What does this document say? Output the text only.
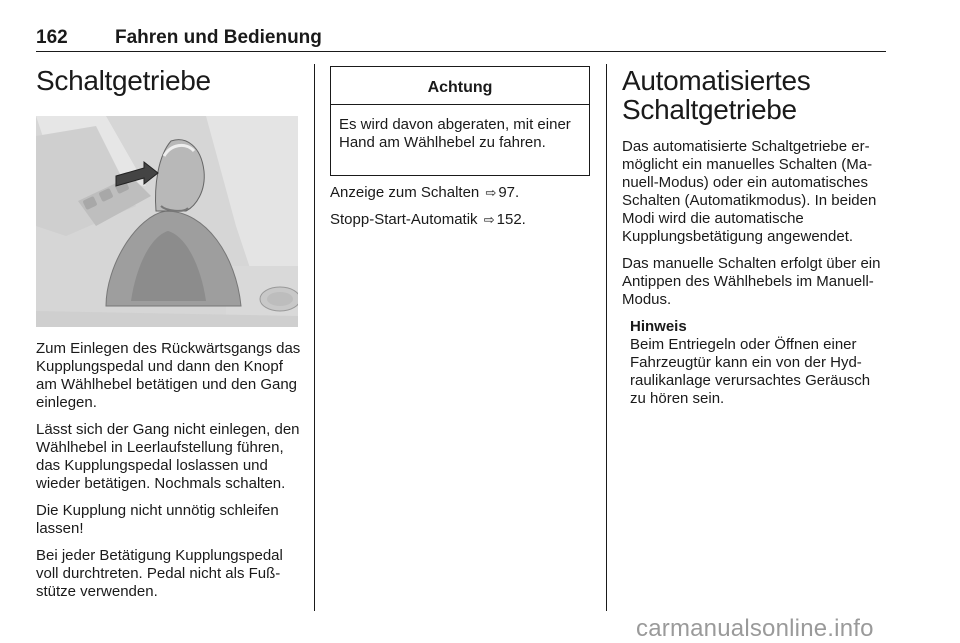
162 Fahren und Bedienung
Schaltgetriebe

Zum Einlegen des Rückwärtsgangs das Kupplungspedal und dann den Knopf am Wählhebel betätigen und den Gang einlegen.

Lässt sich der Gang nicht einlegen, den Wählhebel in Leerlaufstellung führen, das Kupplungspedal loslassen und wieder betätigen. Nochmals schalten.

Die Kupplung nicht unnötig schleifen lassen!

Bei jeder Betätigung Kupplungspedal voll durchtreten. Pedal nicht als Fußstütze verwenden.

Achtung
Es wird davon abgeraten, mit einer Hand am Wählhebel zu fahren.

Anzeige zum Schalten ⇨ 97.

Stopp-Start-Automatik ⇨ 152.

Automatisiertes
Schaltgetriebe

Das automatisierte Schaltgetriebe ermöglicht ein manuelles Schalten (Manuell-Modus) oder ein automatisches Schalten (Automatikmodus). In beiden Modi wird die automatische Kupplungsbetätigung angewendet.

Das manuelle Schalten erfolgt über ein Antippen des Wählhebels im Manuell-Modus.

Hinweis
Beim Entriegeln oder Öffnen einer Fahrzeugtür kann ein von der Hydraulikanlage verursachtes Geräusch zu hören sein.
carmanualsonline.info
